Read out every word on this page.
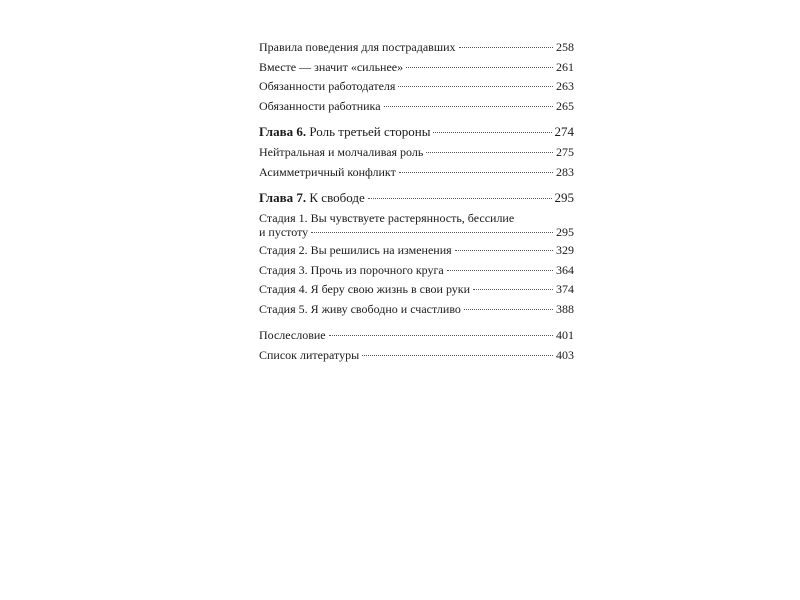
Правила поведения для пострадавших	258
Вместе — значит «сильнее»	261
Обязанности работодателя	263
Обязанности работника	265
Глава 6. Роль третьей стороны	274
Нейтральная и молчаливая роль	275
Асимметричный конфликт	283
Глава 7. К свободе	295
Стадия 1. Вы чувствуете растерянность, бессилие
и пустоту	295
Стадия 2. Вы решились на изменения	329
Стадия 3. Прочь из порочного круга	364
Стадия 4. Я беру свою жизнь в свои руки	374
Стадия 5. Я живу свободно и счастливо	388
Послесловие	401
Список литературы	403
